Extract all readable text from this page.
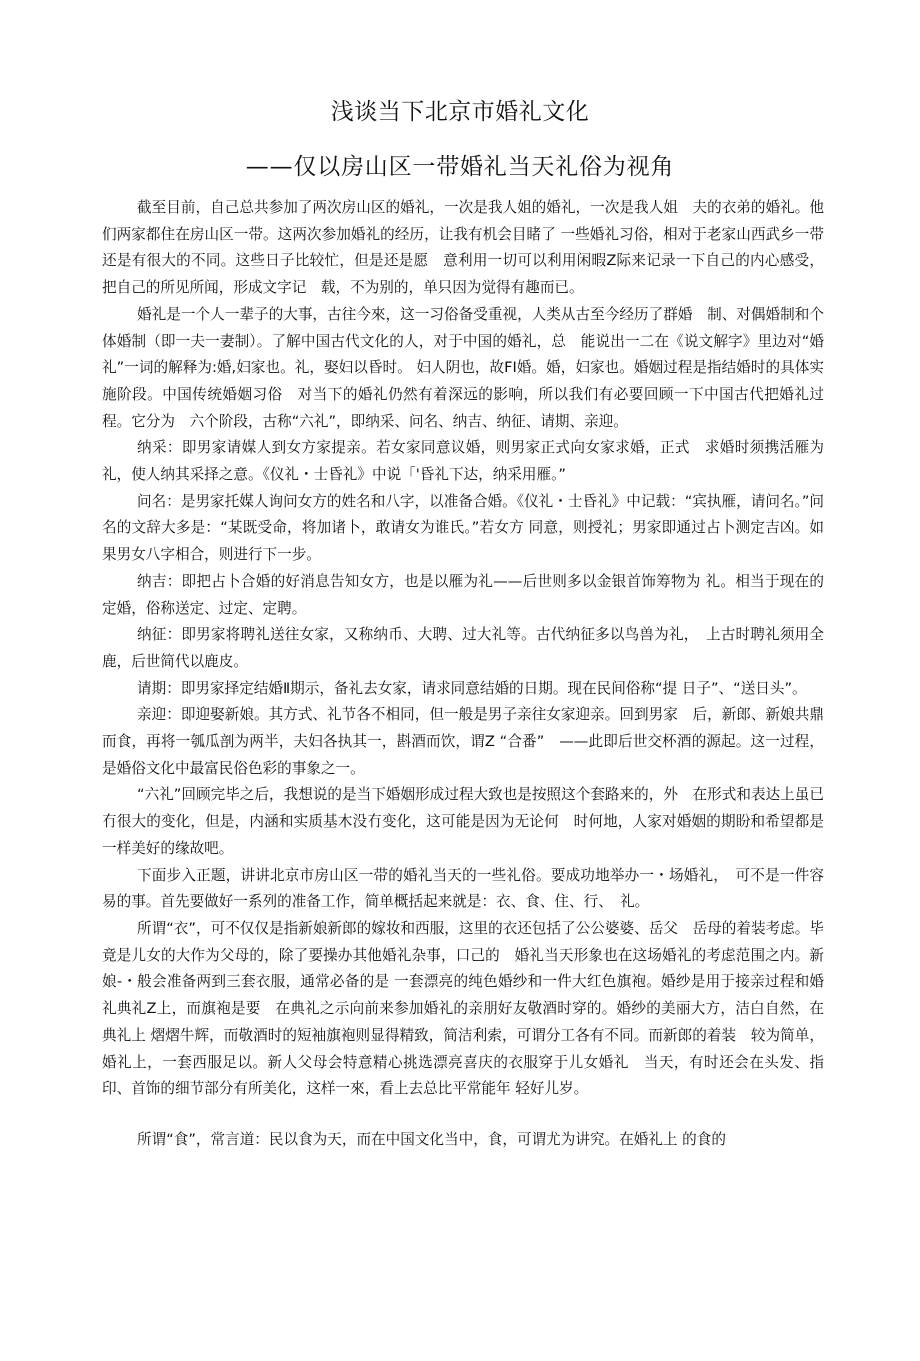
浅谈当下北京市婚礼文化
——仅以房山区一带婚礼当天礼俗为视角

截至目前，自己总共参加了两次房山区的婚礼，一次是我人姐的婚礼，一次是我人姐　夫的衣弟的婚礼。他们两家都住在房山区一带。这两次参加婚礼的经历，让我有机会目睹了 一些婚礼习俗，相对于老家山西武乡一带还是有很大的不同。这些日子比较忙，但是还是愿　意利用一切可以利用闲暇Z际来记录一下自己的内心感受，把自己的所见所闻，形成文字记　载，不为别的，单只因为觉得有趣而已。

婚礼是一个人一辈子的大事，古往今來，这一习俗备受重视，人类从古至今经历了群婚　制、对偶婚制和个体婚制（即一夫一妻制）。了解中国古代文化的人，对于中国的婚礼，总　能说出一二在《说文解字》里边对“婚礼”一词的解释为:婚,妇家也。礼，娶妇以昏时。 妇人阴也，故FI婚。婚，妇家也。婚姻过程是指结婚时的具体实施阶段。中国传统婚姻习俗　对当下的婚礼仍然有着深远的影响，所以我们有必要回顾一下中国古代把婚礼过程。它分为　六个阶段，古称“六礼”，即纳采、问名、纳吉、纳征、请期、亲迎。

纳采：即男家请媒人到女方家提亲。若女家同意议婚，则男家正式向女家求婚，正式　求婚时须携活雁为礼，使人纳其采择之意。《仪礼・士昏礼》中说「'昏礼下达，纳采用雁。”

问名：是男家托媒人询问女方的姓名和八字，以准备合婚。《仪礼・士昏礼》中记载：“宾执雁，请问名。”问名的文辞大多是：“某既受命，将加诸卜，敢请女为谁氏。”若女方 同意，则授礼；男家即通过占卜测定吉凶。如果男女八字相合，则进行下一步。

纳吉：即把占卜合婚的好消息告知女方，也是以雁为礼——后世则多以金银首饰筹物为 礼。相当于现在的定婚，俗称送定、过定、定聘。

纳征：即男家将聘礼送往女家，又称纳币、大聘、过大礼等。古代纳征多以鸟兽为礼，　上古时聘礼须用全鹿，后世简代以鹿皮。

请期：即男家择定结婚Ⅱ期示，备礼去女家，请求同意结婚的日期。现在民间俗称“提 日子”、“送日头”。

亲迎：即迎娶新娘。其方式、礼节各不相同，但一般是男子亲往女家迎亲。回到男家　后，新郎、新娘共鼎而食，再将一瓠瓜剖为两半，夫妇各执其一，斟酒而饮，谓Z “合番”　——此即后世交杯酒的源起。这一过程，是婚俗文化中最富民俗色彩的事象之一。

“六礼”回顾完毕之后，我想说的是当下婚姻形成过程大致也是按照这个套路来的，外　在形式和表达上虽已冇很大的变化，但是，内涵和实质基木没冇变化，这可能是因为无论何　时何地，人家对婚姻的期盼和希望都是一样美好的缘故吧。

下面步入正题，讲讲北京市房山区一带的婚礼当天的一些礼俗。要成功地举办一・场婚礼，　可不是一件容易的事。首先要做好一系列的准备工作，简单概括起来就是：衣、食、住、行、　礼。

所谓“衣”，可不仅仅是指新娘新郎的嫁妆和西服，这里的衣还包括了公公婆婆、岳父　岳母的着装考虑。毕竟是儿女的大作为父母的，除了要操办其他婚礼杂事，口己的　婚礼当天形象也在这场婚礼的考虑范围之内。新娘-・般会准备两到三套衣服，通常必备的是 一套漂亮的纯色婚纱和一件大红色旗袍。婚纱是用于接亲过程和婚礼典礼Z上，而旗袍是要　在典礼之示向前来参加婚礼的亲朋好友敬酒时穿的。婚纱的美丽大方，洁白自然，在典礼上 熠熠牛辉，而敬酒时的短袖旗袍则显得精致，简洁利索，可谓分工各有不同。而新郎的着装　较为简单，婚礼上，一套西服足以。新人父母会特意精心挑选漂亮喜庆的衣服穿于儿女婚礼　当天，有时还会在头发、指印、首饰的细节部分有所美化，这样一來，看上去总比平常能年 轻好儿岁。

所谓“食”，常言道：民以食为天，而在中国文化当中，食，可谓尤为讲究。在婚礼上 的食的
